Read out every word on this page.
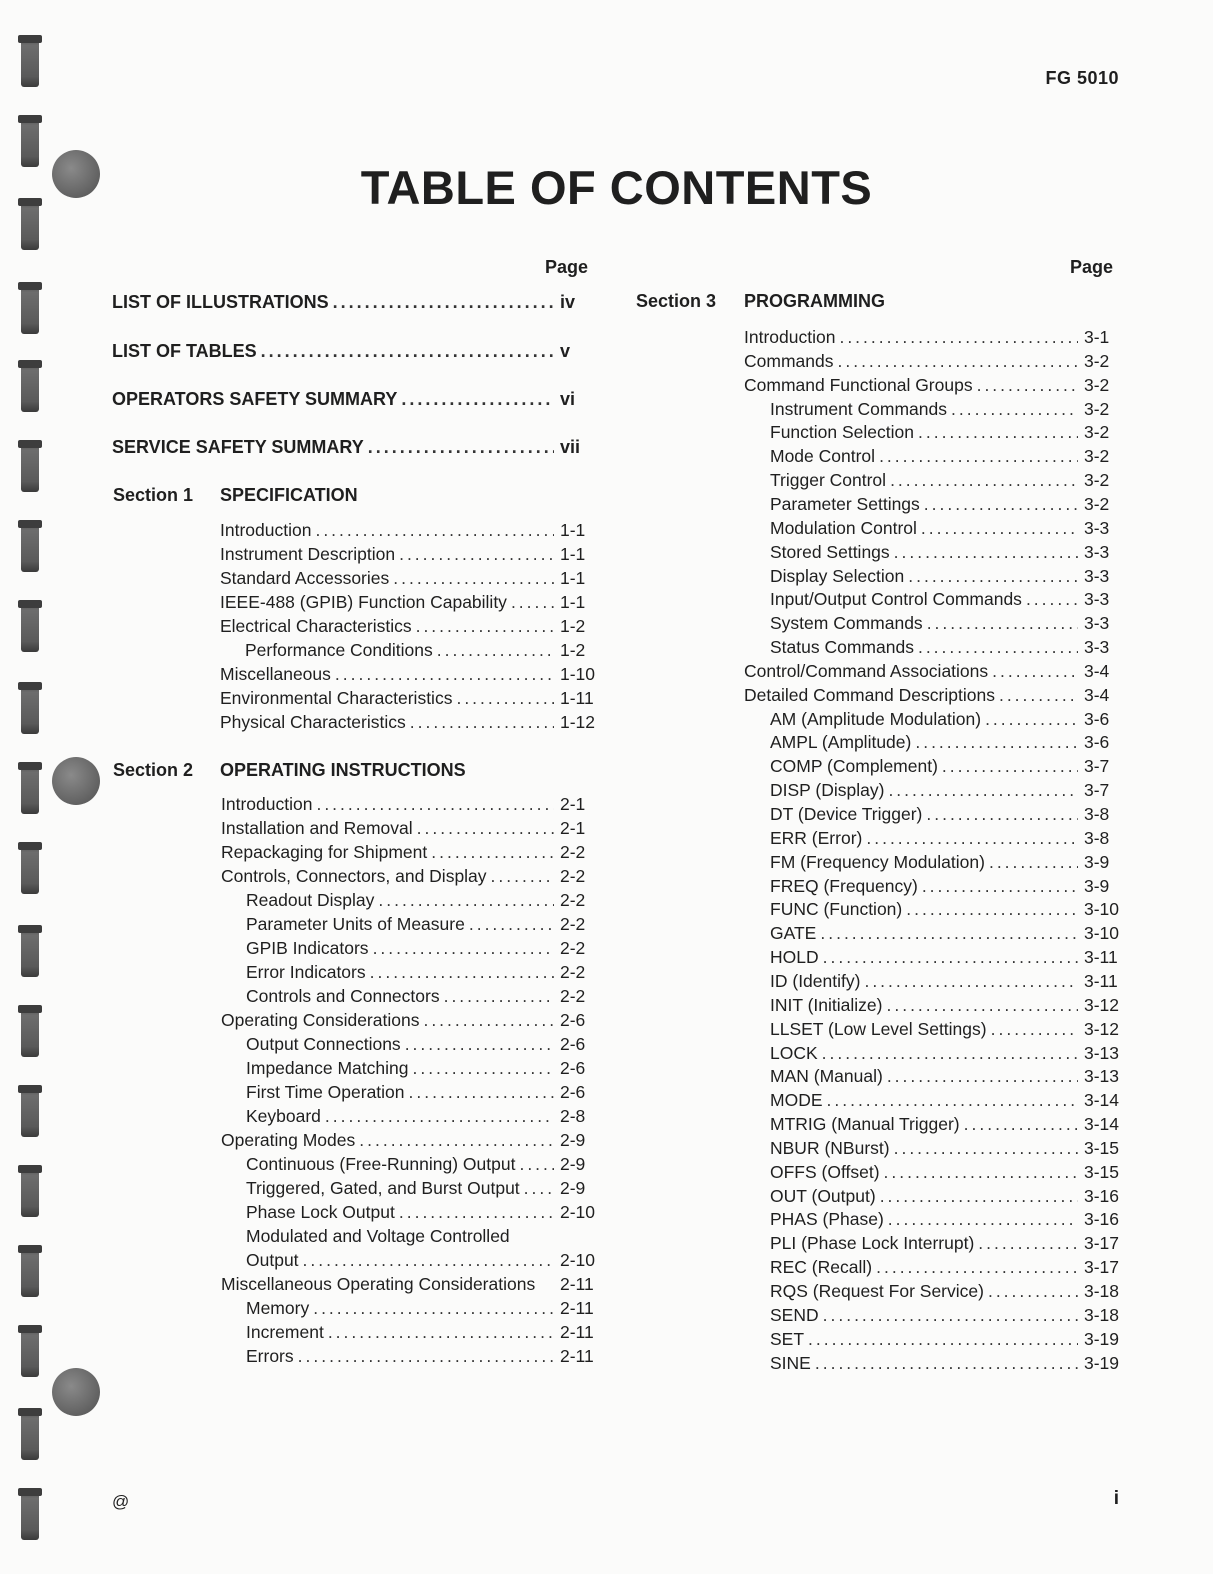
FG 5010
TABLE OF CONTENTS
Page	Page
LIST OF ILLUSTRATIONS .....	iv
LIST OF TABLES .....	v
OPERATORS SAFETY SUMMARY .....	vi
SERVICE SAFETY SUMMARY .....	vii
Section 1 SPECIFICATION
Introduction .....	1-1
Instrument Description .....	1-1
Standard Accessories .....	1-1
IEEE-488 (GPIB) Function Capability .....	1-1
Electrical Characteristics .....	1-2
Performance Conditions .....	1-2
Miscellaneous .....	1-10
Environmental Characteristics .....	1-11
Physical Characteristics .....	1-12
Section 2 OPERATING INSTRUCTIONS
Introduction .....	2-1
Installation and Removal .....	2-1
Repackaging for Shipment .....	2-2
Controls, Connectors, and Display .....	2-2
Readout Display .....	2-2
Parameter Units of Measure .....	2-2
GPIB Indicators .....	2-2
Error Indicators .....	2-2
Controls and Connectors .....	2-2
Operating Considerations .....	2-6
Output Connections .....	2-6
Impedance Matching .....	2-6
First Time Operation .....	2-6
Keyboard .....	2-8
Operating Modes .....	2-9
Continuous (Free-Running) Output .....	2-9
Triggered, Gated, and Burst Output ..... 2-9
Phase Lock Output .....	2-10
Modulated and Voltage Controlled
Output .....	2-10
Miscellaneous Operating Considerations 2-11
Memory .....	2-11
Increment .....	2-11
Errors .....	2-11
Section 3 PROGRAMMING
Introduction .....	3-1
Commands .....	3-2
Command Functional Groups .....	3-2
Instrument Commands .....	3-2
Function Selection .....	3-2
Mode Control .....	3-2
Trigger Control .....	3-2
Parameter Settings .....	3-2
Modulation Control .....	3-3
Stored Settings .....	3-3
Display Selection .....	3-3
Input/Output Control Commands .....	3-3
System Commands .....	3-3
Status Commands .....	3-3
Control/Command Associations .....	3-4
Detailed Command Descriptions .....	3-4
AM (Amplitude Modulation) .....	3-6
AMPL (Amplitude) .....	3-6
COMP (Complement) .....	3-7
DISP (Display) .....	3-7
DT (Device Trigger) .....	3-8
ERR (Error) .....	3-8
FM (Frequency Modulation) .....	3-9
FREQ (Frequency) .....	3-9
FUNC (Function) .....	3-10
GATE .....	3-10
HOLD .....	3-11
ID (Identify) .....	3-11
INIT (Initialize) .....	3-12
LLSET (Low Level Settings) .....	3-12
LOCK .....	3-13
MAN (Manual) .....	3-13
MODE .....	3-14
MTRIG (Manual Trigger) .....	3-14
NBUR (NBurst) .....	3-15
OFFS (Offset) .....	3-15
OUT (Output) .....	3-16
PHAS (Phase) .....	3-16
PLI (Phase Lock Interrupt) .....	3-17
REC (Recall) .....	3-17
RQS (Request For Service) .....	3-18
SEND .....	3-18
SET .....	3-19
SINE .....	3-19
@	i
